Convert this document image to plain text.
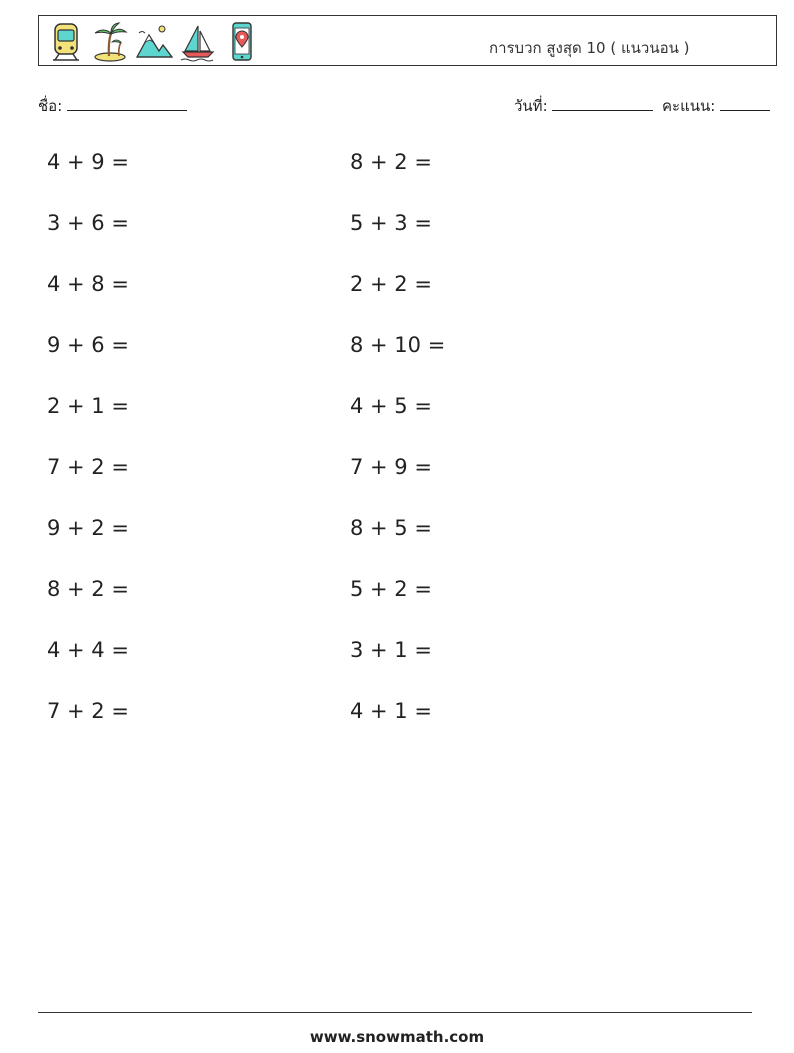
การบวก สูงสุด 10 ( แนวนอน )
ชื่อ:	วันที่:	คะแนน:
4 + 9 =
3 + 6 =
4 + 8 =
9 + 6 =
2 + 1 =
7 + 2 =
9 + 2 =
8 + 2 =
4 + 4 =
7 + 2 =
8 + 2 =
5 + 3 =
2 + 2 =
8 + 10 =
4 + 5 =
7 + 9 =
8 + 5 =
5 + 2 =
3 + 1 =
4 + 1 =
www.snowmath.com
